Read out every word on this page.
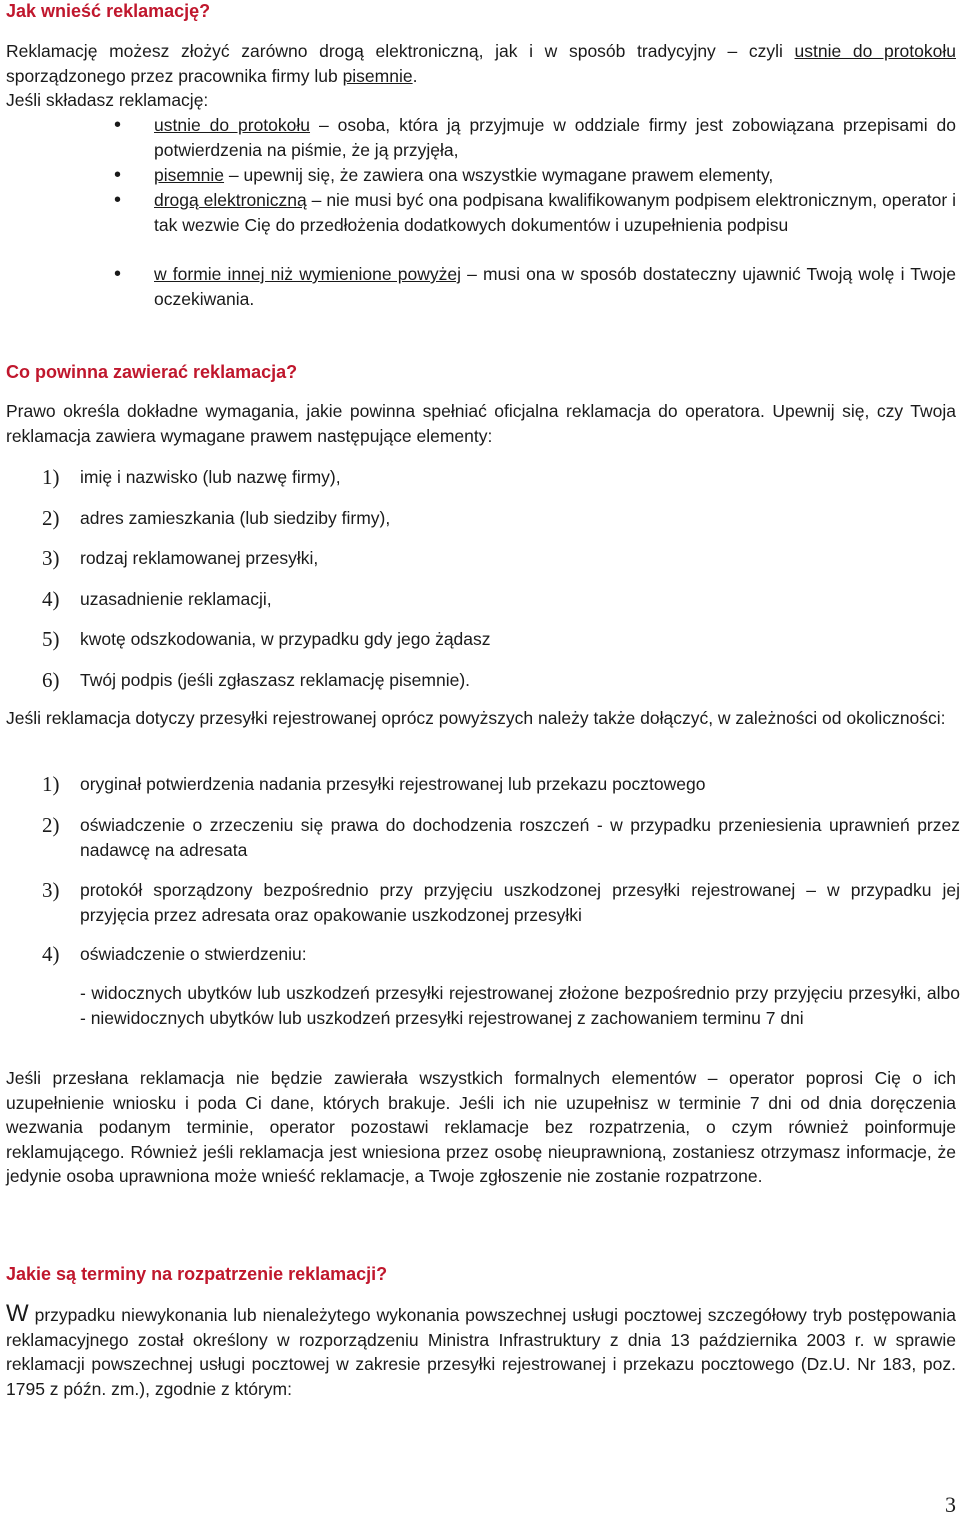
Jak wnieść reklamację?

Reklamację możesz złożyć zarówno drogą elektroniczną, jak i w sposób tradycyjny – czyli ustnie do protokołu sporządzonego przez pracownika firmy lub pisemnie.

Jeśli składasz reklamację:

• ustnie do protokołu – osoba, która ją przyjmuje w oddziale firmy jest zobowiązana przepisami do potwierdzenia na piśmie, że ją przyjęła,

• pisemnie – upewnij się, że zawiera ona wszystkie wymagane prawem elementy,

• drogą elektroniczną – nie musi być ona podpisana kwalifikowanym podpisem elektronicznym, operator i tak wezwie Cię do przedłożenia dodatkowych dokumentów i uzupełnienia podpisu

• w formie innej niż wymienione powyżej – musi ona w sposób dostateczny ujawnić Twoją wolę i Twoje oczekiwania.

Co powinna zawierać reklamacja?

Prawo określa dokładne wymagania, jakie powinna spełniać oficjalna reklamacja do operatora. Upewnij się, czy Twoja reklamacja zawiera wymagane prawem następujące elementy:

1) imię i nazwisko (lub nazwę firmy),

2) adres zamieszkania (lub siedziby firmy),

3) rodzaj reklamowanej przesyłki,

4) uzasadnienie reklamacji,

5) kwotę odszkodowania, w przypadku gdy jego żądasz

6) Twój podpis (jeśli zgłaszasz reklamację pisemnie).

Jeśli reklamacja dotyczy przesyłki rejestrowanej oprócz powyższych należy także dołączyć, w zależności od okoliczności:

1) oryginał potwierdzenia nadania przesyłki rejestrowanej lub przekazu pocztowego

2) oświadczenie o zrzeczeniu się prawa do dochodzenia roszczeń - w przypadku przeniesienia uprawnień przez nadawcę na adresata

3) protokół sporządzony bezpośrednio przy przyjęciu uszkodzonej przesyłki rejestrowanej – w przypadku jej przyjęcia przez adresata oraz opakowanie uszkodzonej przesyłki

4) oświadczenie o stwierdzeniu:

- widocznych ubytków lub uszkodzeń przesyłki rejestrowanej złożone bezpośrednio przy przyjęciu przesyłki, albo - niewidocznych ubytków lub uszkodzeń przesyłki rejestrowanej z zachowaniem terminu 7 dni

Jeśli przesłana reklamacja nie będzie zawierała wszystkich formalnych elementów – operator poprosi Cię o ich uzupełnienie wniosku i poda Ci dane, których brakuje. Jeśli ich nie uzupełnisz w terminie 7 dni od dnia doręczenia wezwania podanym terminie, operator pozostawi reklamacje bez rozpatrzenia, o czym również poinformuje reklamującego. Również jeśli reklamacja jest wniesiona przez osobę nieuprawnioną, zostaniesz otrzymasz informacje, że jedynie osoba uprawniona może wnieść reklamacje, a Twoje zgłoszenie nie zostanie rozpatrzone.

Jakie są terminy na rozpatrzenie reklamacji?

W przypadku niewykonania lub nienależytego wykonania powszechnej usługi pocztowej szczegółowy tryb postępowania reklamacyjnego został określony w rozporządzeniu Ministra Infrastruktury z dnia 13 października 2003 r. w sprawie reklamacji powszechnej usługi pocztowej w zakresie przesyłki rejestrowanej i przekazu pocztowego (Dz.U. Nr 183, poz. 1795 z późn. zm.), zgodnie z którym:

3
